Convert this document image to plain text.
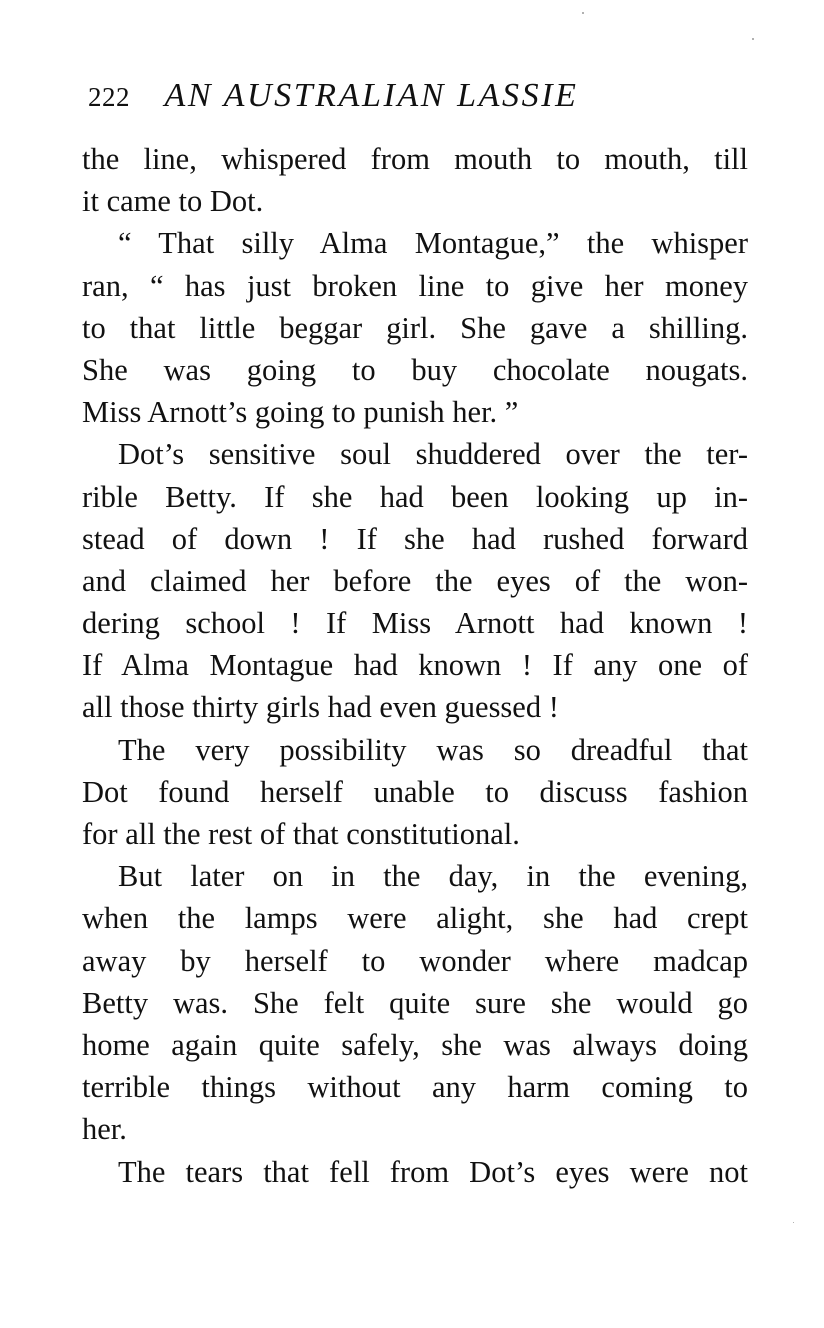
222 AN AUSTRALIAN LASSIE
the line, whispered from mouth to mouth, till
it came to Dot.
“ That silly Alma Montague,” the whisper
ran, “ has just broken line to give her money
to that little beggar girl. She gave a shilling.
She was going to buy chocolate nougats.
Miss Arnott’s going to punish her. ”
Dot’s sensitive soul shuddered over the ter-
rible Betty. If she had been looking up in-
stead of down ! If she had rushed forward
and claimed her before the eyes of the won-
dering school ! If Miss Arnott had known !
If Alma Montague had known ! If any one of
all those thirty girls had even guessed !
The very possibility was so dreadful that
Dot found herself unable to discuss fashion
for all the rest of that constitutional.
But later on in the day, in the evening,
when the lamps were alight, she had crept
away by herself to wonder where madcap
Betty was. She felt quite sure she would go
home again quite safely, she was always doing
terrible things without any harm coming to
her.
The tears that fell from Dot’s eyes were not
